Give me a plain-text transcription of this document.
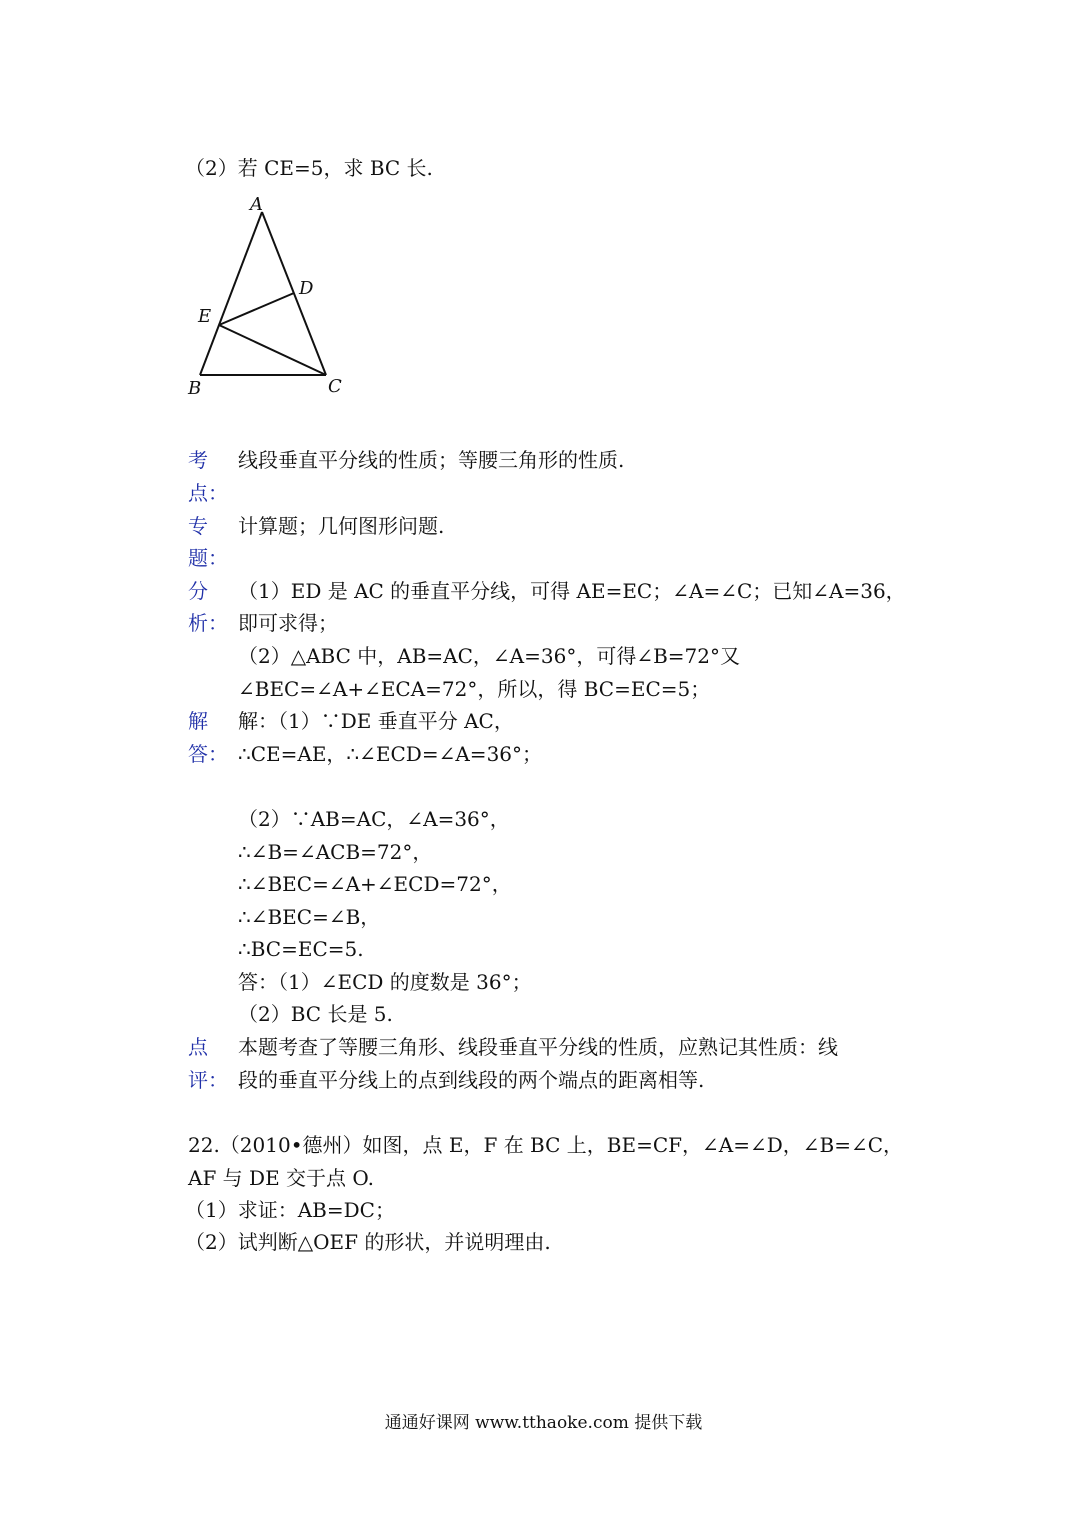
（2）若 CE=5，求 BC 长.
A
B	C
D
E
考
点：
线段垂直平分线的性质；等腰三角形的性质.
专
题：
计算题；几何图形问题.
分
析：
（1）ED 是 AC 的垂直平分线，可得 AE=EC；∠A=∠C；已知∠A=36，
即可求得；
（2）△ABC 中，AB=AC，∠A=36°，可得∠B=72°又
∠BEC=∠A+∠ECA=72°，所以，得 BC=EC=5；
解
答：
解：（1）∵DE 垂直平分 AC，
∴CE=AE，∴∠ECD=∠A=36°；
（2）∵AB=AC，∠A=36°，
∴∠B=∠ACB=72°，
∴∠BEC=∠A+∠ECD=72°，
∴∠BEC=∠B，
∴BC=EC=5.
答：（1）∠ECD 的度数是 36°；
（2）BC 长是 5.
点
评：
本题考查了等腰三角形、线段垂直平分线的性质，应熟记其性质：线
段的垂直平分线上的点到线段的两个端点的距离相等.
22.（2010•德州）如图，点 E，F 在 BC 上，BE=CF，∠A=∠D，∠B=∠C，
AF 与 DE 交于点 O.
（1）求证：AB=DC；
（2）试判断△OEF 的形状，并说明理由.
通通好课网 www.tthaoke.com 提供下载
